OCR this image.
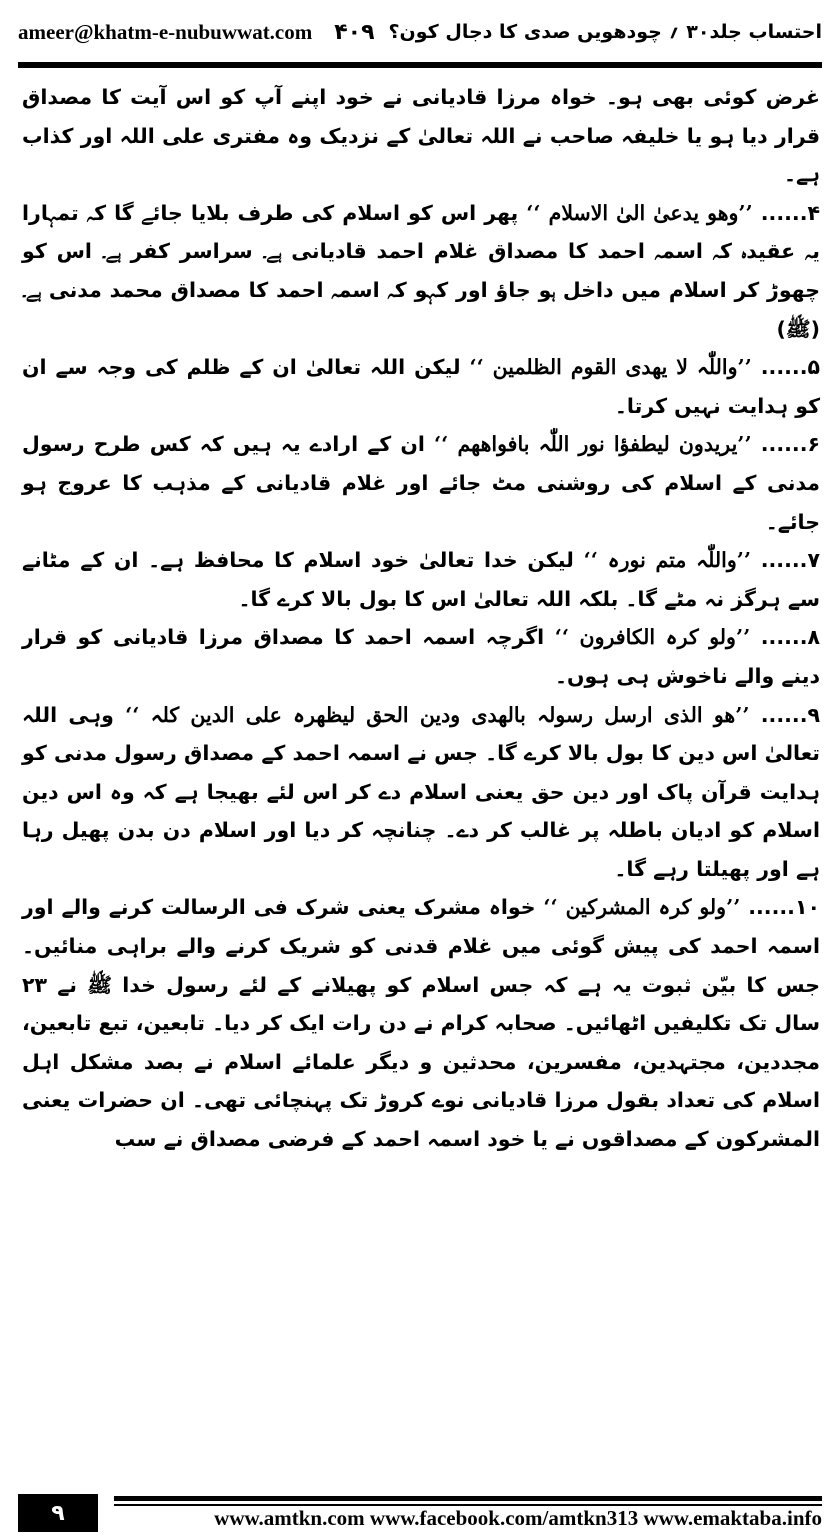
ameer@khatm-e-nubuwwat.com	احتساب جلد۳۰ ؍ چودھویں صدی کا دجال کون؟
۴۰۹

غرض کوئی بھی ہو۔ خواہ مرزا قادیانی نے خود اپنے آپ کو اس آیت کا مصداق قرار دیا ہو یا خلیفہ صاحب نے اللہ تعالیٰ کے نزدیک وہ مفتری علی اللہ اور کذاب ہے۔

۴...... ’’وھو یدعیٰ الیٰ الاسلام ‘‘ پھر اس کو اسلام کی طرف بلایا جائے گا کہ تمہارا یہ عقیدہ کہ اسمہ احمد کا مصداق غلام احمد قادیانی ہے۔ سراسر کفر ہے۔ اس کو چھوڑ کر اسلام میں داخل ہو جاؤ اور کہو کہ اسمہ احمد کا مصداق محمد مدنی ہے۔(ﷺ)

۵...... ’’واللّٰہ لا یھدی القوم الظلمین ‘‘ لیکن اللہ تعالیٰ ان کے ظلم کی وجہ سے ان کو ہدایت نہیں کرتا۔

۶...... ’’یریدون لیطفؤا نور اللّٰہ بافواھھم ‘‘ ان کے ارادے یہ ہیں کہ کس طرح رسول مدنی کے اسلام کی روشنی مٹ جائے اور غلام قادیانی کے مذہب کا عروج ہو جائے۔

۷...... ’’واللّٰہ متم نورہ ‘‘ لیکن خدا تعالیٰ خود اسلام کا محافظ ہے۔ ان کے مٹانے سے ہرگز نہ مٹے گا۔ بلکہ اللہ تعالیٰ اس کا بول بالا کرے گا۔

۸...... ’’ولو کرہ الکافرون ‘‘ اگرچہ اسمہ احمد کا مصداق مرزا قادیانی کو قرار دینے والے ناخوش ہی ہوں۔

۹...... ’’ھو الذی ارسل رسولہ بالھدی ودین الحق لیظھرہ علی الدین کلہ ‘‘ وہی اللہ تعالیٰ اس دین کا بول بالا کرے گا۔ جس نے اسمہ احمد کے مصداق رسول مدنی کو ہدایت قرآن پاک اور دین حق یعنی اسلام دے کر اس لئے بھیجا ہے کہ وہ اس دین اسلام کو ادیان باطلہ پر غالب کر دے۔ چنانچہ کر دیا اور اسلام دن بدن پھیل رہا ہے اور پھیلتا رہے گا۔

۱۰...... ’’ولو کرہ المشرکین ‘‘ خواہ مشرک یعنی شرک فی الرسالت کرنے والے اور اسمہ احمد کی پیش گوئی میں غلام قدنی کو شریک کرنے والے براہی منائیں۔ جس کا بیّن ثبوت یہ ہے کہ جس اسلام کو پھیلانے کے لئے رسول خدا ﷺ نے ۲۳ سال تک تکلیفیں اٹھائیں۔ صحابہ کرام نے دن رات ایک کر دیا۔ تابعین، تبع تابعین، مجددین، مجتہدین، مفسرین، محدثین و دیگر علمائے اسلام نے بصد مشکل اہل اسلام کی تعداد بقول مرزا قادیانی نوے کروڑ تک پہنچائی تھی۔ ان حضرات یعنی المشرکون کے مصداقوں نے یا خود اسمہ احمد کے فرضی مصداق نے سب

۹	www.amtkn.com www.facebook.com/amtkn313 www.emaktaba.info
